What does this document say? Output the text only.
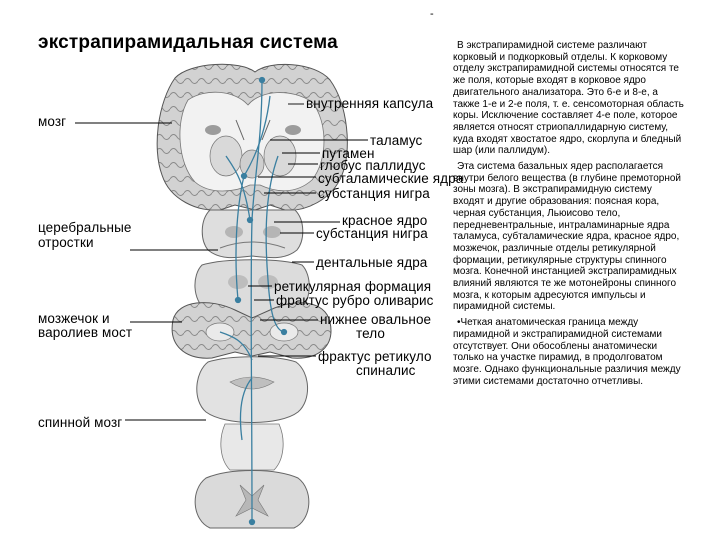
-
экстрапирамидальная система
мозг
церебральные
отростки
мозжечок и
варолиев мост
спинной мозг
внутренняя капсула
таламус
путамен
глобус паллидус
субталамические ядра
субстанция нигра
красное ядро
субстанция нигра
дентальные ядра
ретикулярная формация
фрактус рубро оливарис
нижнее овальное
тело
фрактус ретикуло
спиналис

В экстрапирамидной системе различают корковый и подкорковый отделы. К корковому отделу экстрапирамидной системы относятся те же поля, которые входят в корковое ядро двигательного анализатора. Это 6-е и 8-е, а также 1-е и 2-е поля, т. е. сенсомоторная область коры. Исключение составляет 4-е поле, которое является относят стриопаллидарную систему, куда входят хвостатое ядро, скорлупа и бледный шар (или паллидум).

Эта система базальных ядер располагается внутри белого вещества (в глубине премоторной зоны мозга). В экстрапирамидную систему входят и другие образования: поясная кора, черная субстанция, Льюисово тело, передневентральные, интраламинарные ядра таламуса, субталамические ядра, красное ядро, мозжечок, различные отделы ретикулярной формации, ретикулярные структуры спинного мозга. Конечной инстанцией экстрапирамидных влияний являются те же мотонейроны спинного мозга, к которым адресуются импульсы и пирамидной системы.

•Четкая анатомическая граница между пирамидной и экстрапирамидной системами отсутствует. Они обособлены анатомически только на участке пирамид, в продолговатом мозге. Однако функциональные различия между этими системами достаточно отчетливы.
